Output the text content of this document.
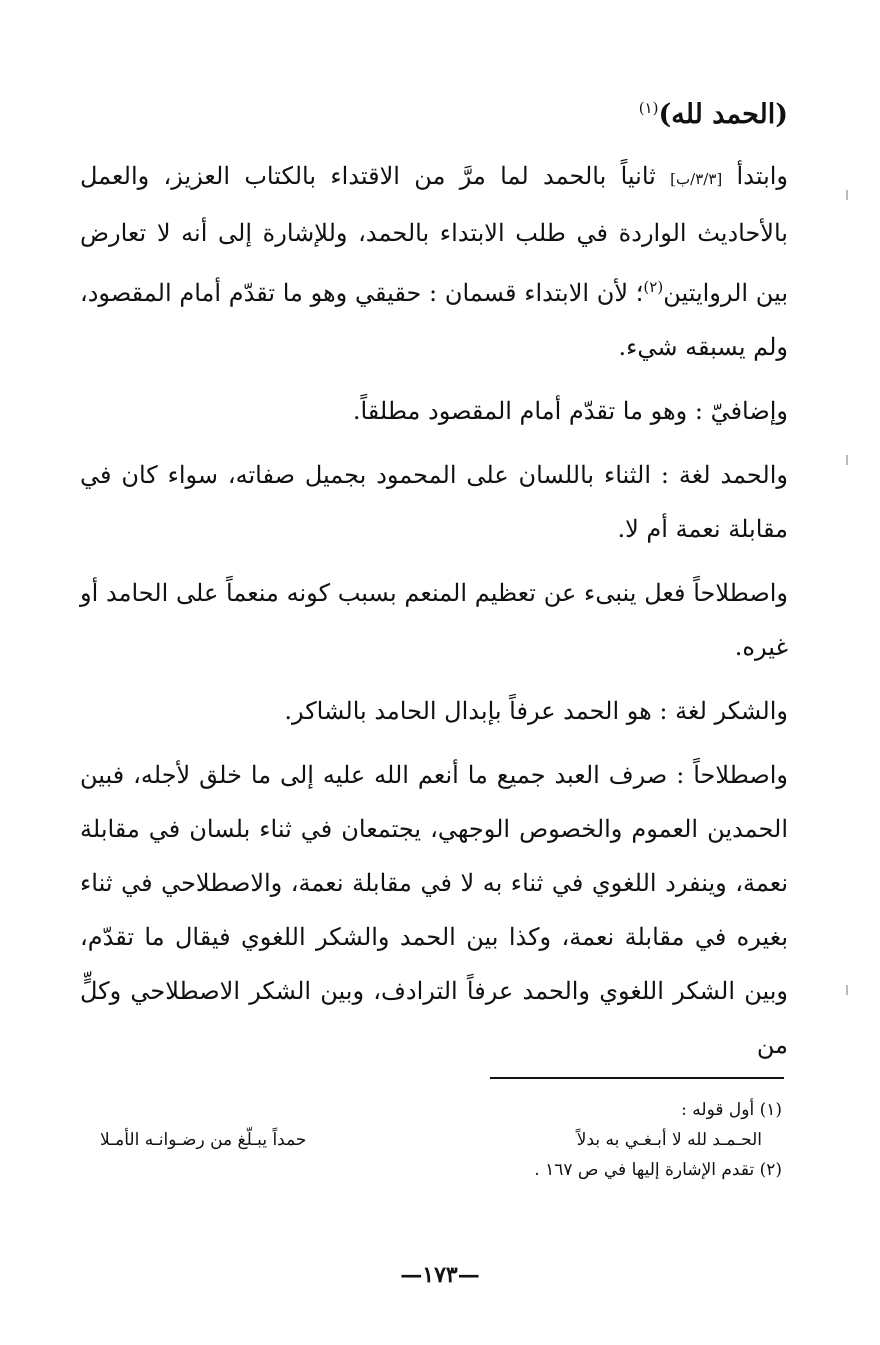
(الحمد لله)$^{(١)}$

وابتدأ [٣/٣/ب] ثانياً بالحمد لما مرَّ من الاقتداء بالكتاب العزيز، والعمل بالأحاديث الواردة في طلب الابتداء بالحمد، وللإشارة إلى أنه لا تعارض بين الروايتين$^{(٢)}$؛ لأن الابتداء قسمان : حقيقي وهو ما تقدّم أمام المقصود، ولم يسبقه شيء.

وإضافيّ : وهو ما تقدّم أمام المقصود مطلقاً.

والحمد لغة : الثناء باللسان على المحمود بجميل صفاته، سواء كان في مقابلة نعمة أم لا.

واصطلاحاً فعل ينبىء عن تعظيم المنعم بسبب كونه منعماً على الحامد أو غيره.

والشكر لغة : هو الحمد عرفاً بإبدال الحامد بالشاكر.

واصطلاحاً : صرف العبد جميع ما أنعم الله عليه إلى ما خلق لأجله، فبين الحمدين العموم والخصوص الوجهي، يجتمعان في ثناء بلسان في مقابلة نعمة، وينفرد اللغوي في ثناء به لا في مقابلة نعمة، والاصطلاحي في ثناء بغيره في مقابلة نعمة، وكذا بين الحمد والشكر اللغوي فيقال ما تقدّم، وبين الشكر اللغوي والحمد عرفاً الترادف، وبين الشكر الاصطلاحي وكلٍّ من

(١) أول قوله :

الحـمـد لله لا أبـغـي به بدلاً
حمداً يبـلّغ من رضـوانـه الأمـلا

(٢) تقدم الإشارة إليها في ص ١٦٧ .

—١٧٣—
